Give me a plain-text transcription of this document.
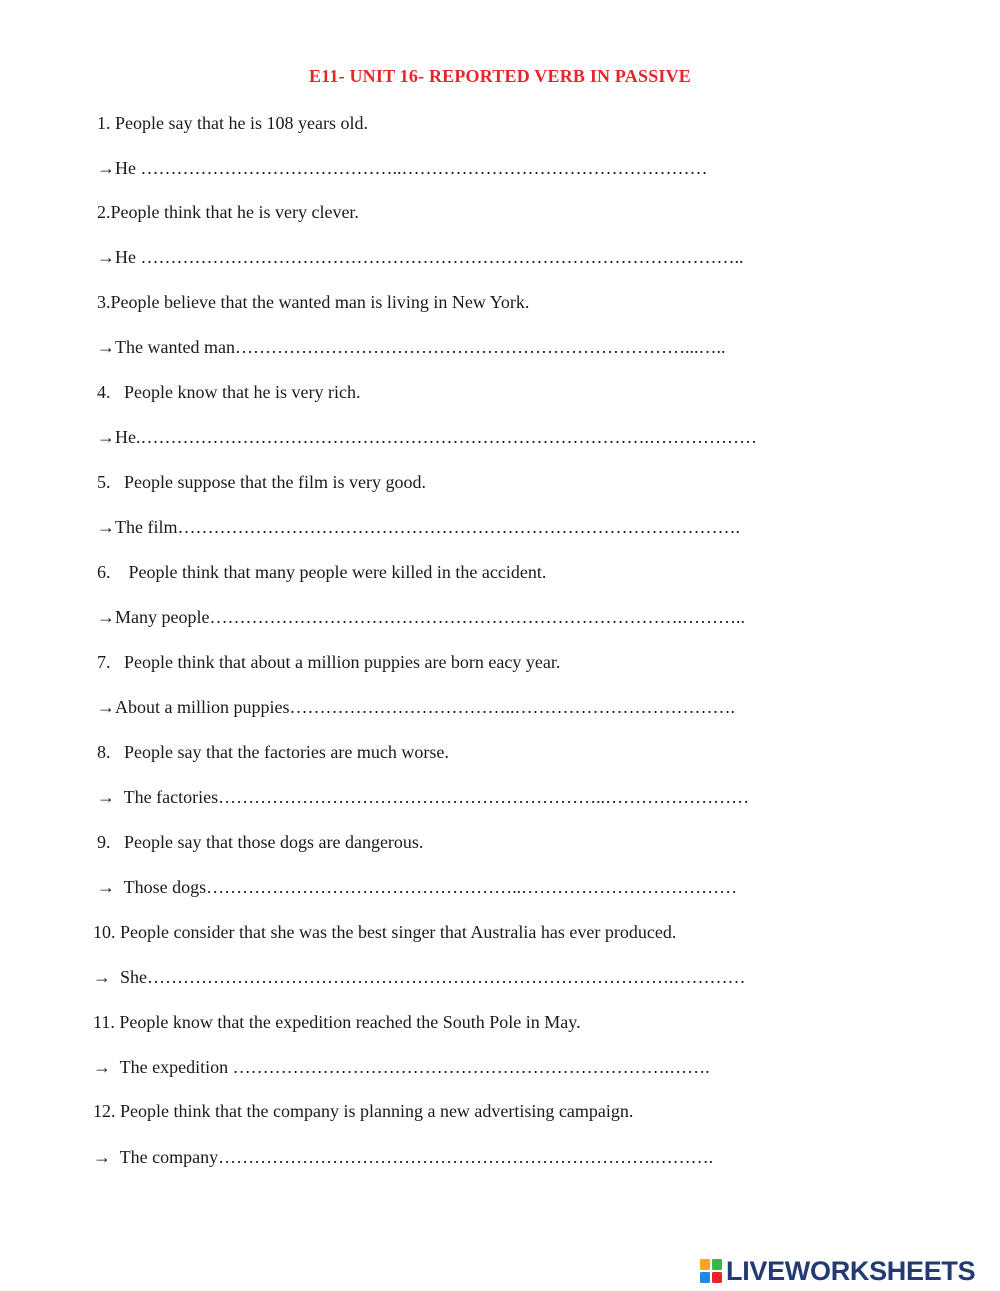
E11- UNIT 16- REPORTED VERB IN PASSIVE
1. People say that he is 108 years old.
→He ……………………………………..……………………………………………
2.People think that he is very clever.
→He ………………………………………………………………………………………..
3.People believe that the wanted man is living in New York.
→The wanted man…………………………………………………………………...…..
4.   People know that he is very rich.
→He.………………………………………………………………………….………………
5.   People suppose that the film is very good.
→The film………………………………………………………………………………….
6.    People think that many people were killed in the accident.
→Many people…………………………………………………………………….………..
7.   People think that about a million puppies are born eacy year.
→About a million puppies………………………………..……………………………….
8.   People say that the factories are much worse.
→  The factories………………………………………………………..……………………
9.   People say that those dogs are dangerous.
→  Those dogs……………………………………………..………………………………
10. People consider that she was the best singer that Australia has ever produced.
→  She…………………………………………………………………………….…………
11. People know that the expedition reached the South Pole in May.
→  The expedition ……………………………………………………………….…….
12. People think that the company is planning a new advertising campaign.
→  The company……………………………………………………………….……….
LIVEWORKSHEETS
